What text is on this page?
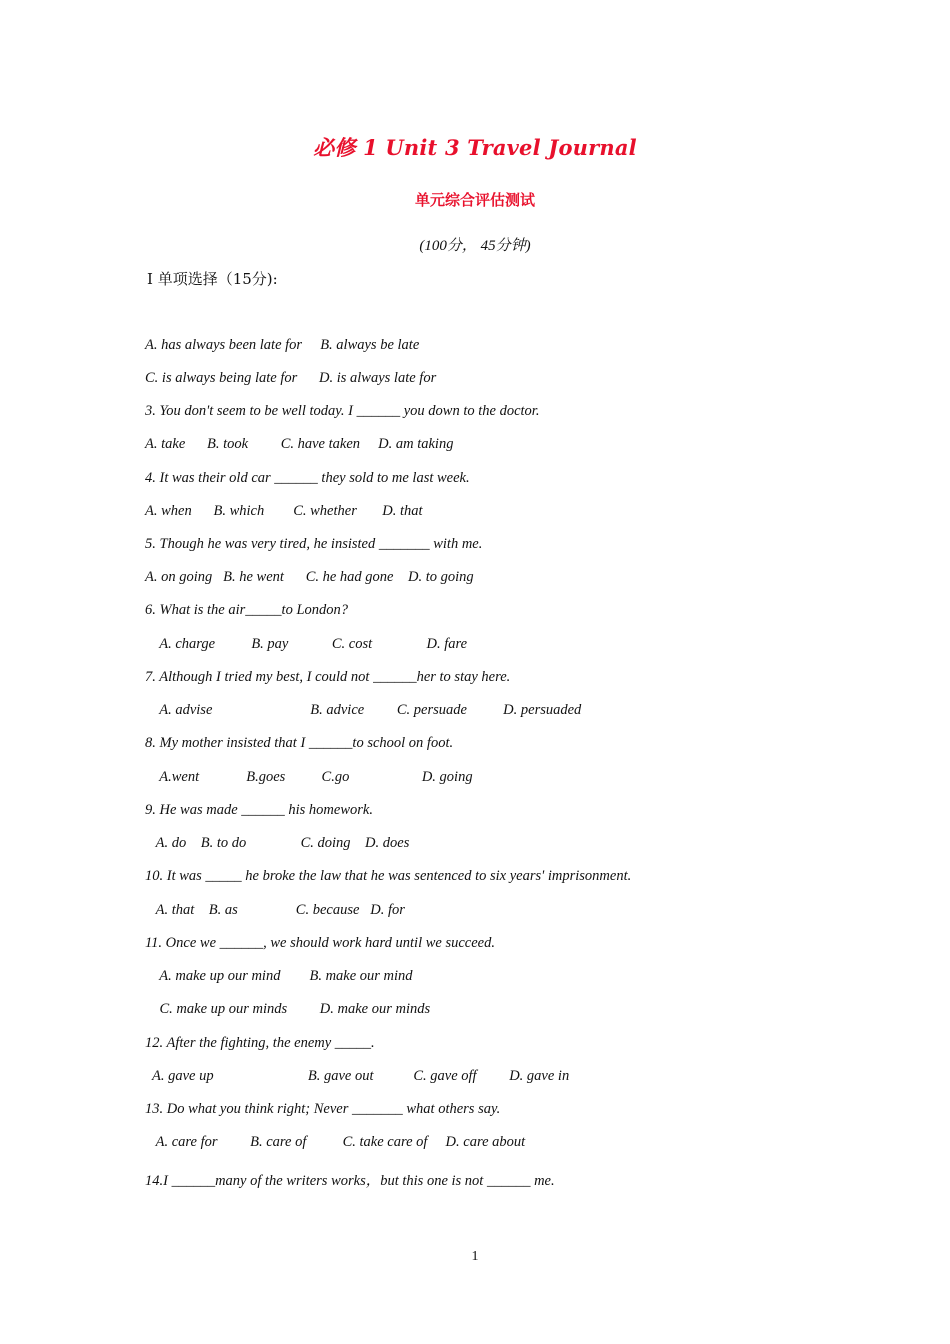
必修 1 Unit 3 Travel Journal
单元综合评估测试
(100分， 45分钟)
Ⅰ 单项选择（15分):
A. has always been late for     B. always be late
C. is always being late for      D. is always late for
3. You don't seem to be well today. I ______ you down to the doctor.
A. take      B. took         C. have taken     D. am taking
4. It was their old car ______ they sold to me last week.
A. when      B. which        C. whether       D. that
5. Though he was very tired, he insisted _______ with me.
A. on going   B. he went      C. he had gone    D. to going
6. What is the air_____to London?
A. charge          B. pay            C. cost               D. fare
7. Although I tried my best, I could not ______her to stay here.
A. advise                           B. advice         C. persuade          D. persuaded
8. My mother insisted that I ______to school on foot.
A.went             B.goes          C.go                    D. going
9. He was made ______ his homework.
A. do    B. to do               C. doing    D. does
10. It was _____ he broke the law that he was sentenced to six years' imprisonment.
A. that    B. as                C. because   D. for
11. Once we ______, we should work hard until we succeed.
A. make up our mind        B. make our mind
C. make up our minds         D. make our minds
12. After the fighting, the enemy _____.
A. gave up                          B. gave out           C. gave off         D. gave in
13. Do what you think right; Never _______ what others say.
A. care for         B. care of          C. take care of     D. care about
14.I ______many of the writers works，but this one is not ______ me.
1
